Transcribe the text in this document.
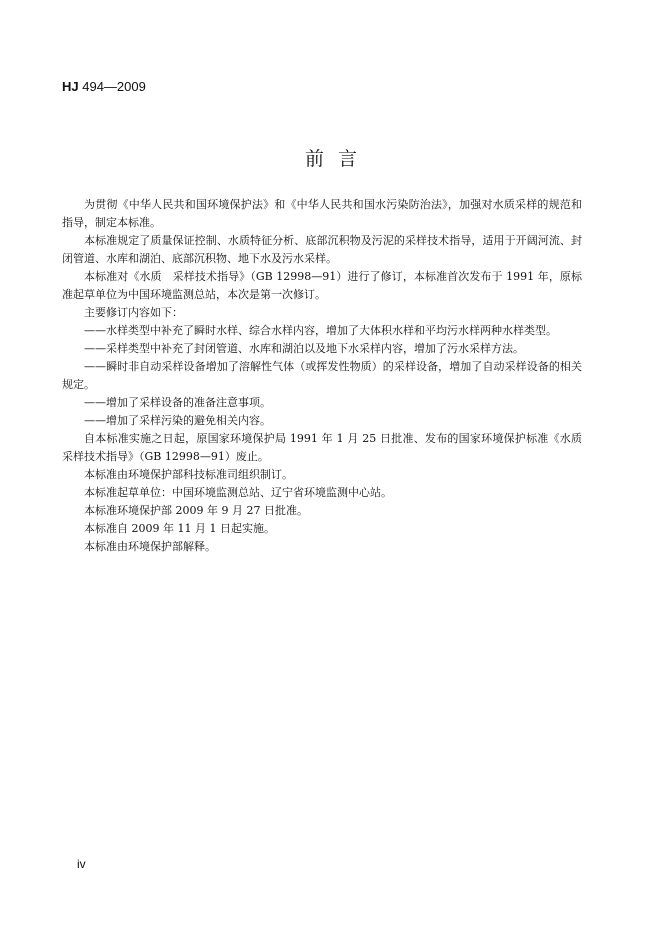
HJ 494—2009
前言

为贯彻《中华人民共和国环境保护法》和《中华人民共和国水污染防治法》，加强对水质采样的规范和指导，制定本标准。

本标准规定了质量保证控制、水质特征分析、底部沉积物及污泥的采样技术指导，适用于开阔河流、封闭管道、水库和湖泊、底部沉积物、地下水及污水采样。

本标准对《水质　采样技术指导》（GB 12998—91）进行了修订，本标准首次发布于 1991 年，原标准起草单位为中国环境监测总站，本次是第一次修订。

主要修订内容如下：

——水样类型中补充了瞬时水样、综合水样内容，增加了大体积水样和平均污水样两种水样类型。

——采样类型中补充了封闭管道、水库和湖泊以及地下水采样内容，增加了污水采样方法。

——瞬时非自动采样设备增加了溶解性气体（或挥发性物质）的采样设备，增加了自动采样设备的相关规定。

——增加了采样设备的准备注意事项。

——增加了采样污染的避免相关内容。

自本标准实施之日起，原国家环境保护局 1991 年 1 月 25 日批准、发布的国家环境保护标准《水质　采样技术指导》（GB 12998—91）废止。

本标准由环境保护部科技标准司组织制订。

本标准起草单位：中国环境监测总站、辽宁省环境监测中心站。

本标准环境保护部 2009 年 9 月 27 日批准。

本标准自 2009 年 11 月 1 日起实施。

本标准由环境保护部解释。

iv
